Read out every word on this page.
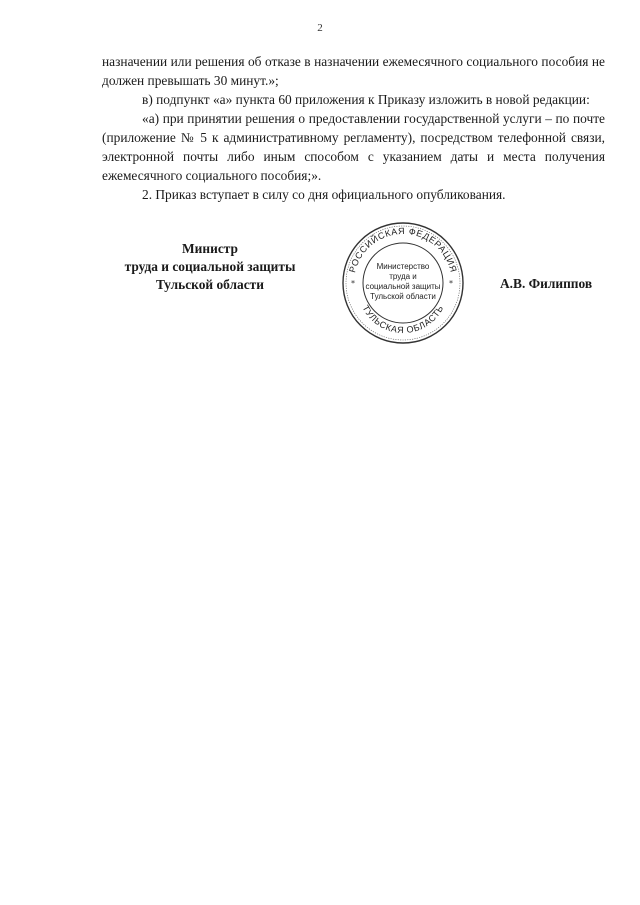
2

назначении или решения об отказе в назначении ежемесячного социального пособия не должен превышать 30 минут.»;

в) подпункт «а» пункта 60 приложения к Приказу изложить в новой редакции:

«а) при принятии решения о предоставлении государственной услуги – по почте (приложение № 5 к административному регламенту), посредством телефонной связи, электронной почты либо иным способом с указанием даты и места получения ежемесячного социального пособия;».

2. Приказ вступает в силу со дня официального опубликования.

Министр
труда и социальной защиты
Тульской области
РОССИЙСКАЯ ФЕДЕРАЦИЯ
ТУЛЬСКАЯ ОБЛАСТЬ
*	*
Министерство
труда и
социальной защиты
Тульской области
А.В. Филиппов
